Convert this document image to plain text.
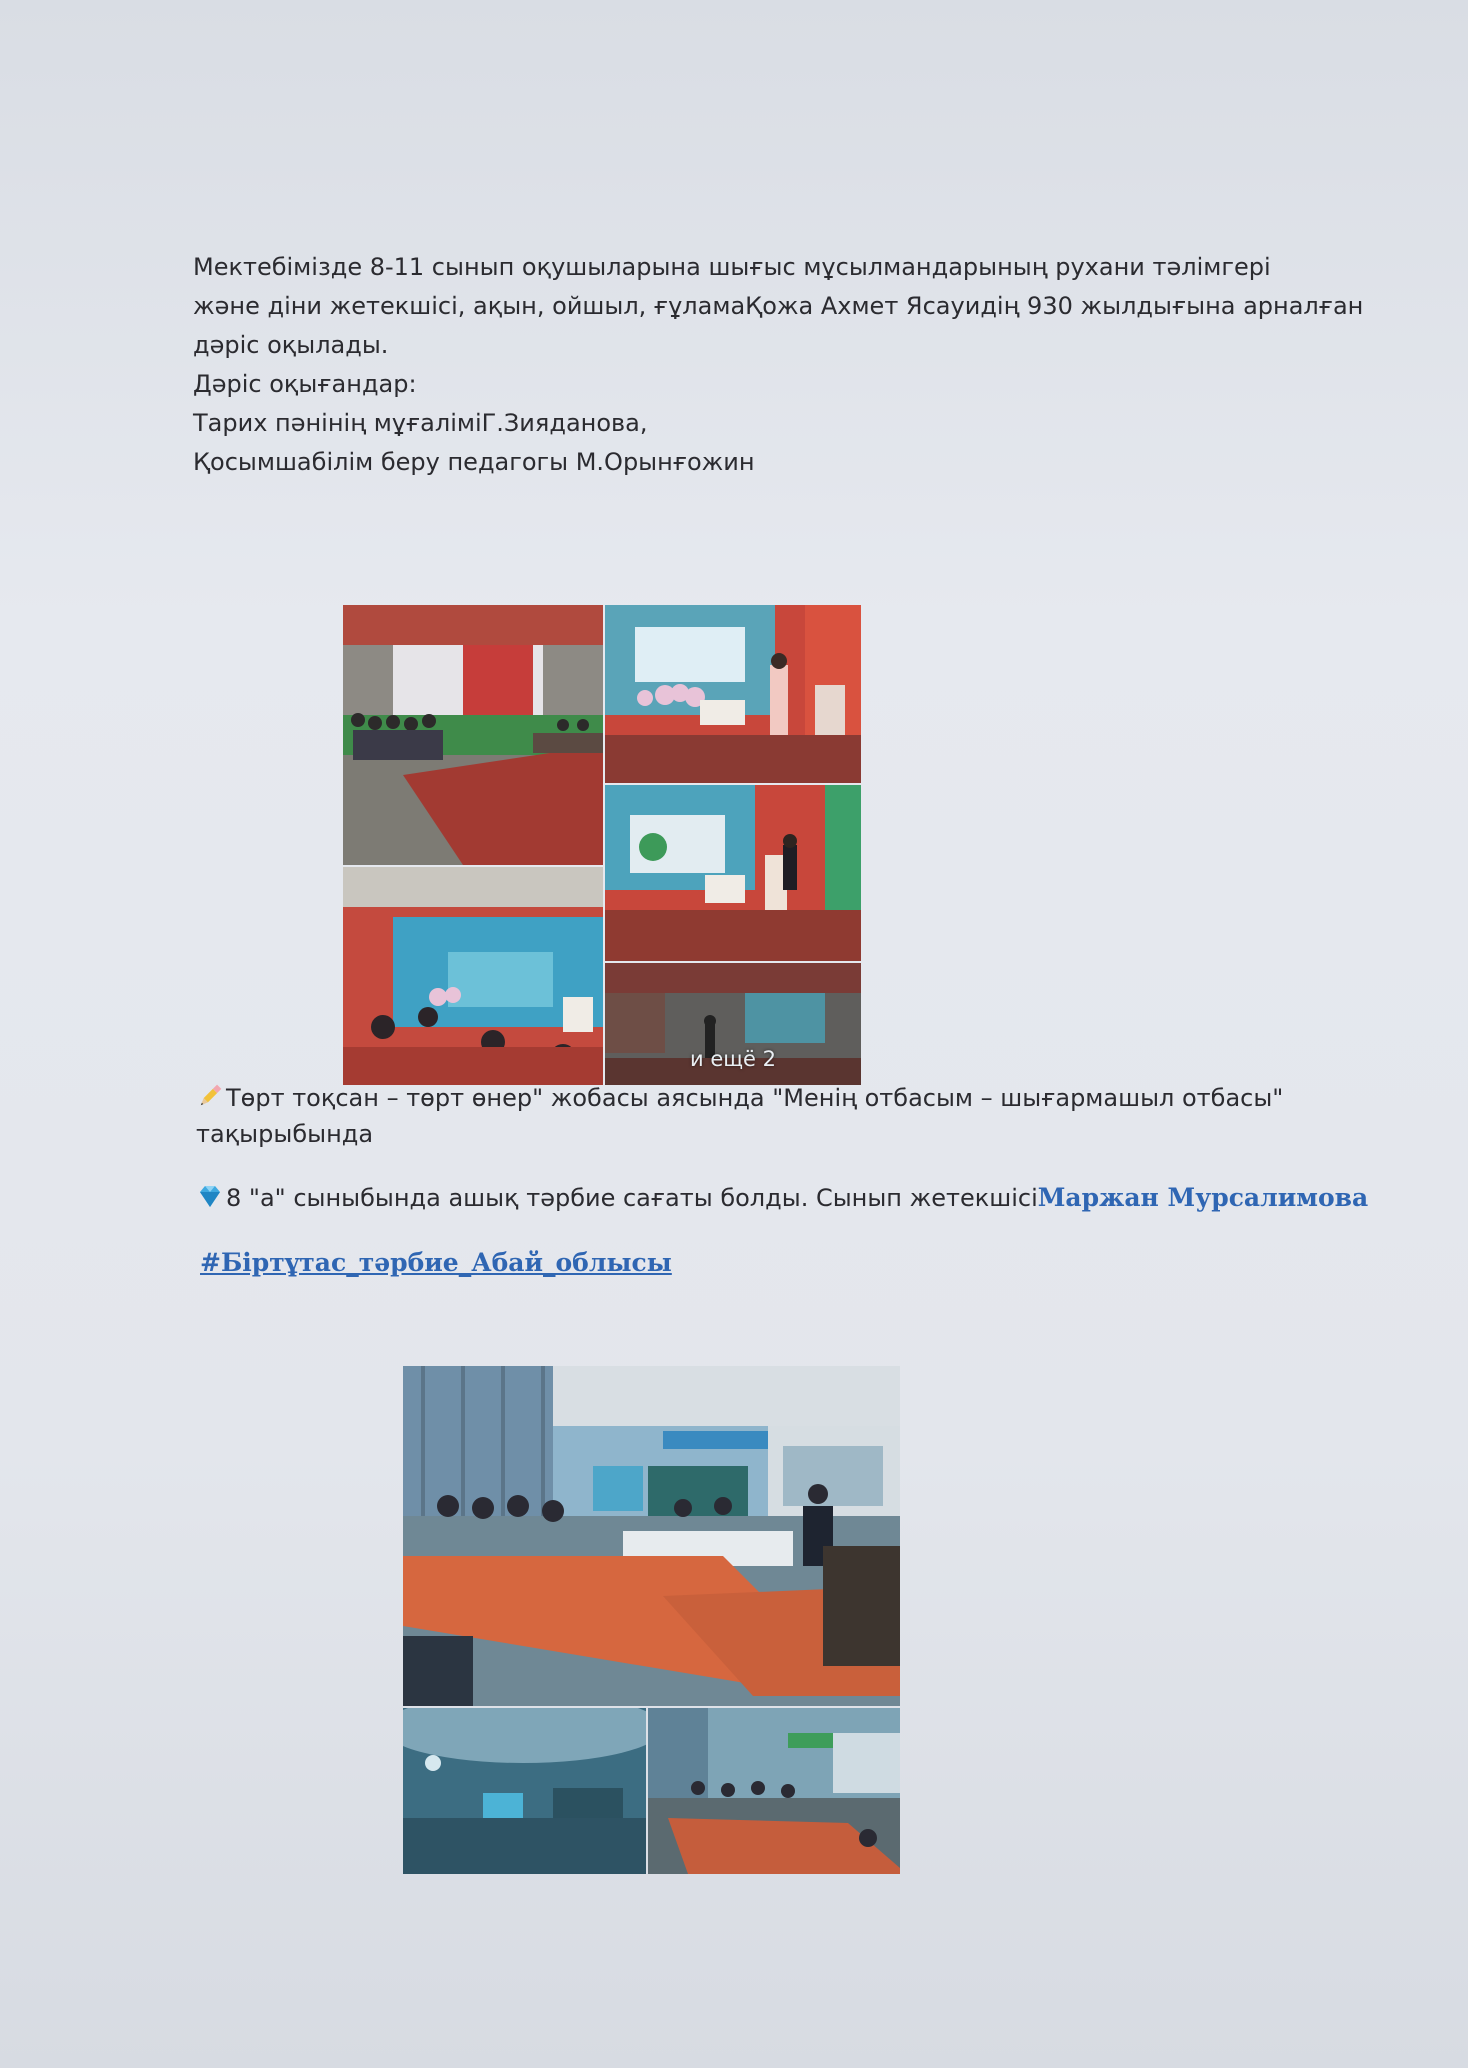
Мектебімізде 8-11 сынып оқушыларына шығыс мұсылмандарының рухани тәлімгері

және діни жетекшісі, ақын, ойшыл, ғұламаҚожа Ахмет Ясауидің 930 жылдығына арналған

дәріс оқылады.

Дәріс оқығандар:

Тарих пәнінің мұғаліміГ.Зияданова,

Қосымшабілім беру педагогы М.Орынғожин

и ещё 2
Төрт тоқсан – төрт өнер" жобасы аясында "Менің отбасым – шығармашыл отбасы" тақырыбында
8 "а" сыныбында ашық тәрбие сағаты болды. Сынып жетекшісіМаржан Мурсалимова
#Біртұтас_тәрбие_Абай_облысы
